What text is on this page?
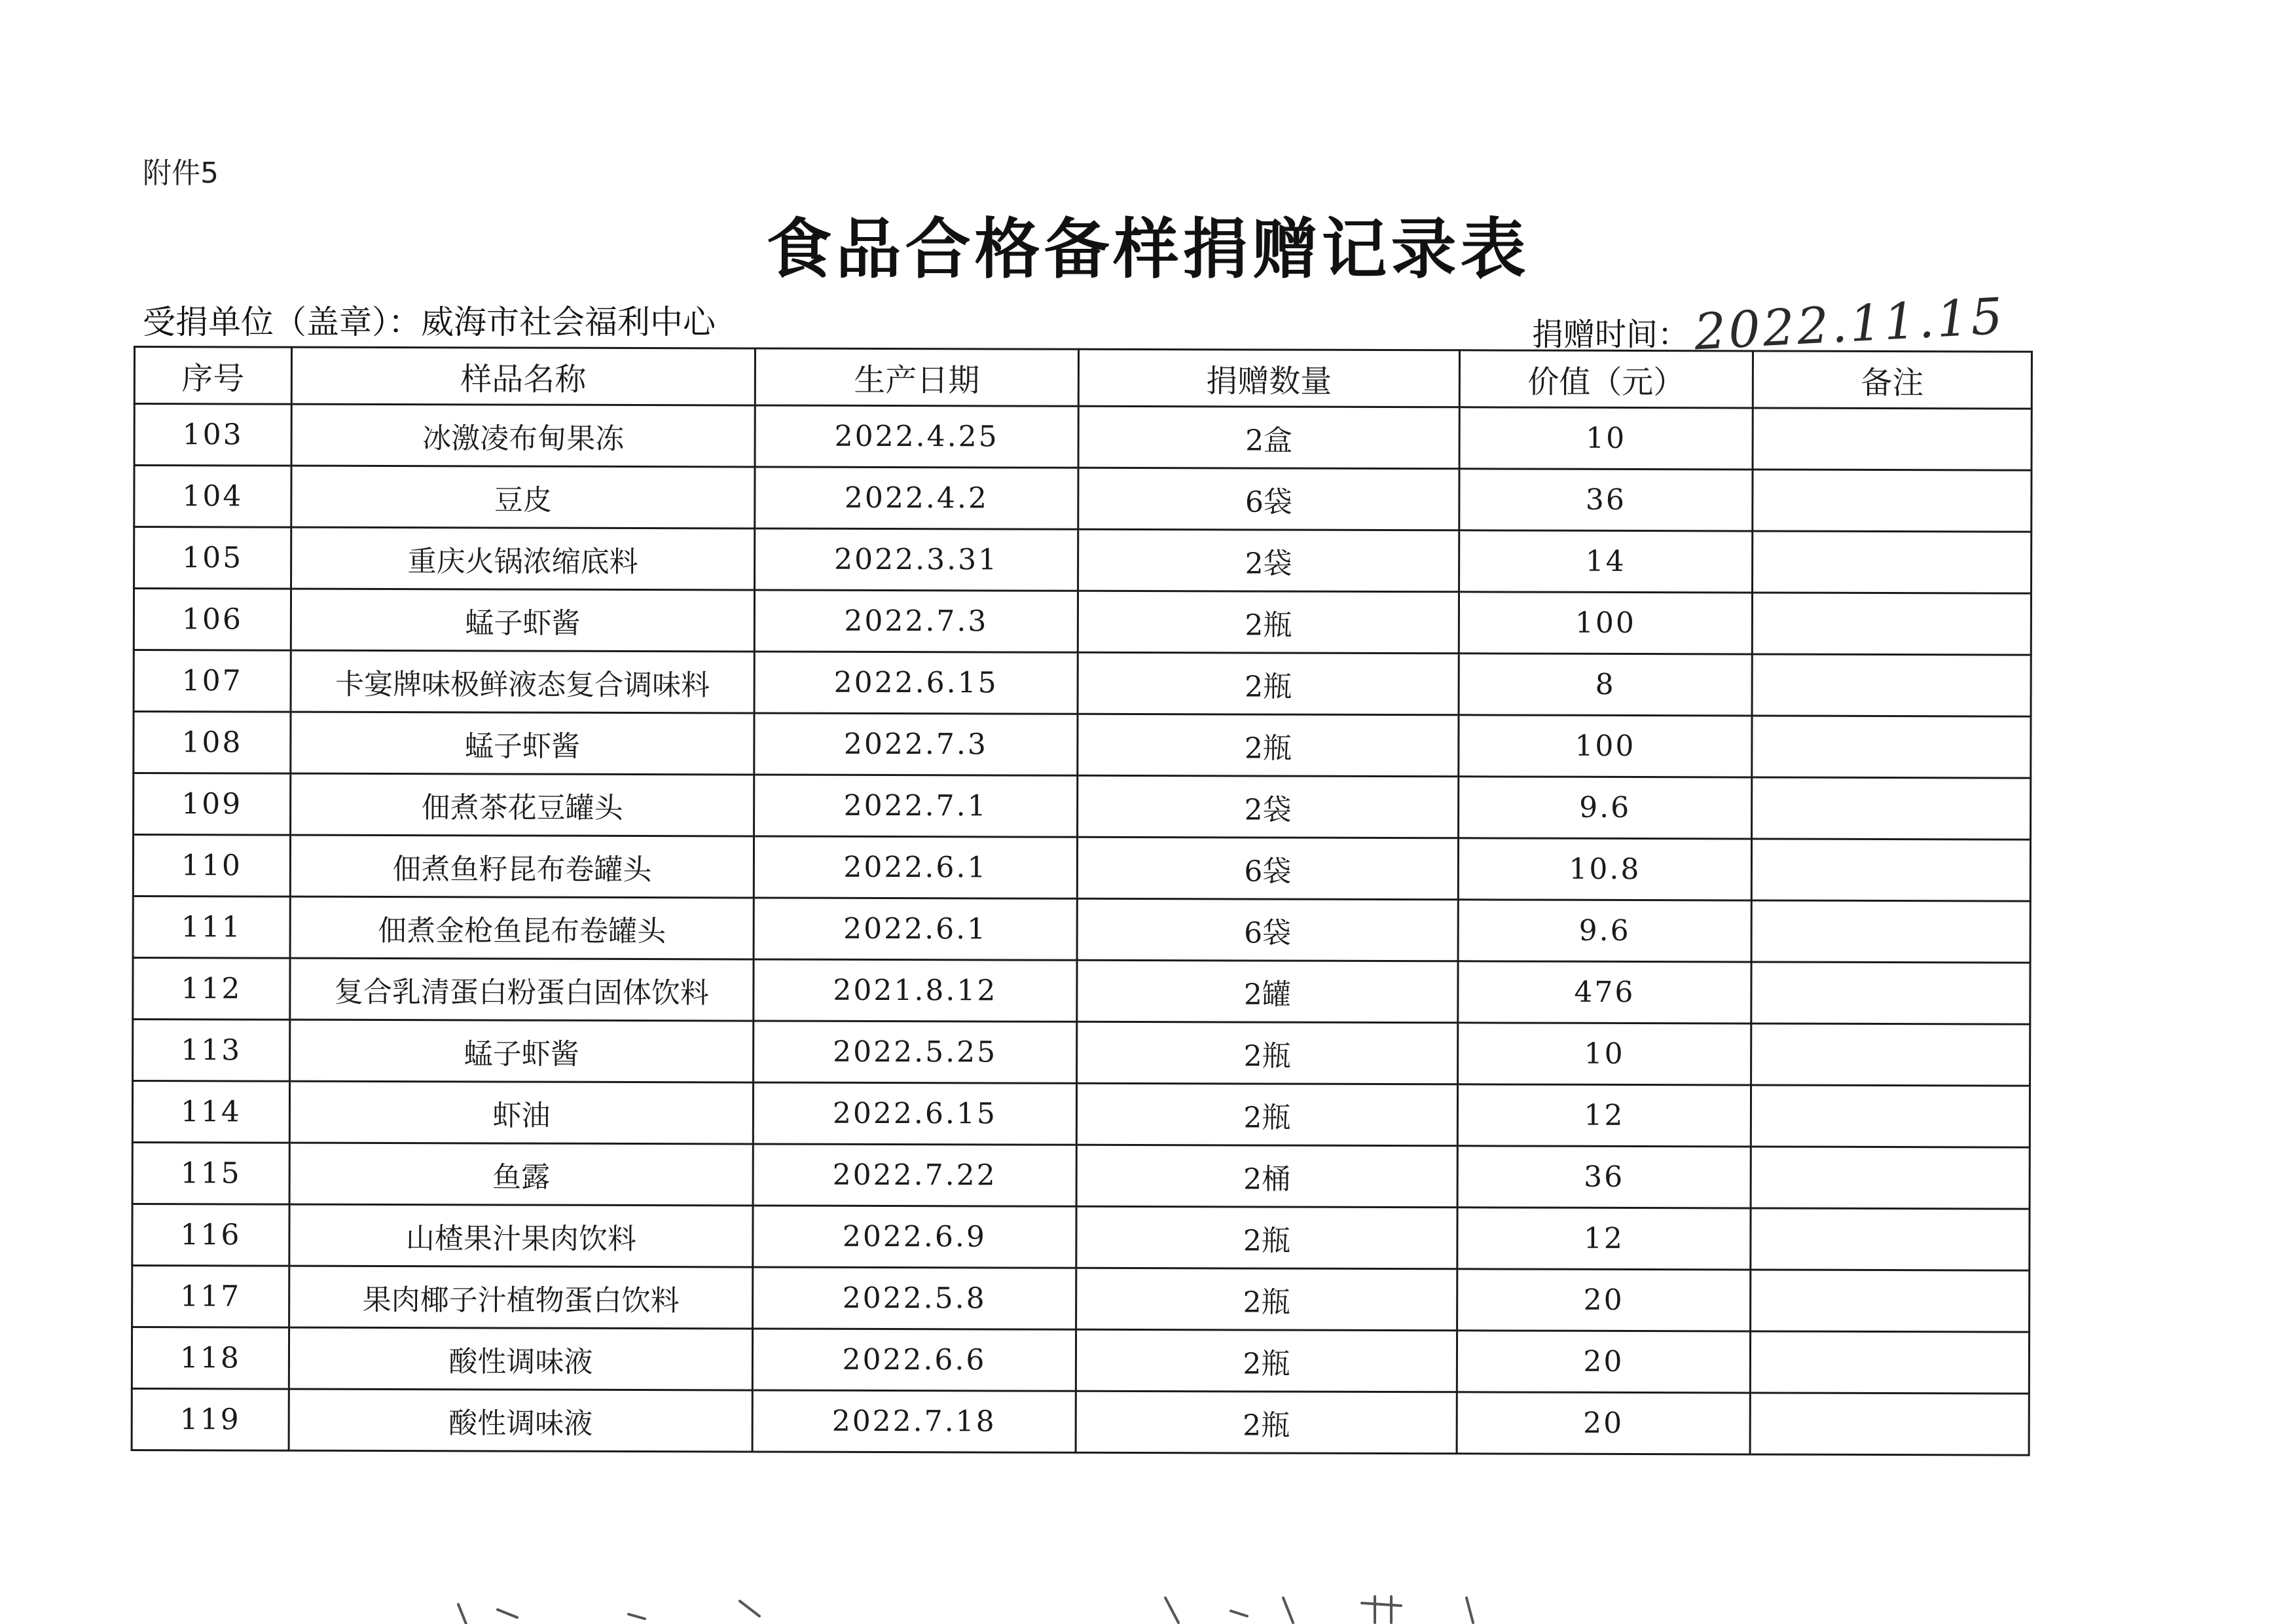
附件5
食品合格备样捐赠记录表
受捐单位（盖章）：威海市社会福利中心	捐赠时间：2022.11.15
序号	样品名称	生产日期	捐赠数量	价值（元）	备注
103	冰激凌布甸果冻	2022.4.25	2盒	10	
104	豆皮	2022.4.2	6袋	36	
105	重庆火锅浓缩底料	2022.3.31	2袋	14	
106	蜢子虾酱	2022.7.3	2瓶	100	
107	卡宴牌味极鲜液态复合调味料	2022.6.15	2瓶	8	
108	蜢子虾酱	2022.7.3	2瓶	100	
109	佃煮茶花豆罐头	2022.7.1	2袋	9.6	
110	佃煮鱼籽昆布卷罐头	2022.6.1	6袋	10.8	
111	佃煮金枪鱼昆布卷罐头	2022.6.1	6袋	9.6	
112	复合乳清蛋白粉蛋白固体饮料	2021.8.12	2罐	476	
113	蜢子虾酱	2022.5.25	2瓶	10	
114	虾油	2022.6.15	2瓶	12	
115	鱼露	2022.7.22	2桶	36	
116	山楂果汁果肉饮料	2022.6.9	2瓶	12	
117	果肉椰子汁植物蛋白饮料	2022.5.8	2瓶	20	
118	酸性调味液	2022.6.6	2瓶	20	
119	酸性调味液	2022.7.18	2瓶	20	
